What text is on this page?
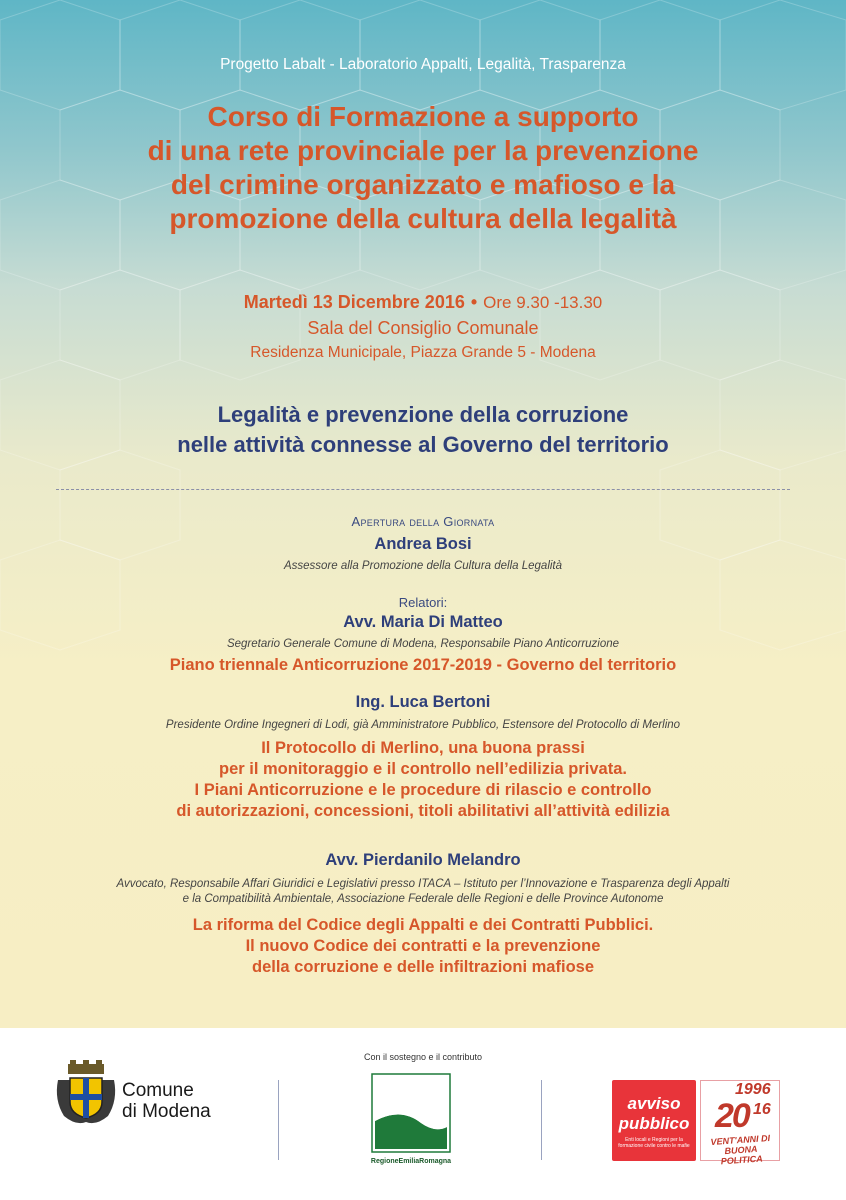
Progetto Labalt - Laboratorio Appalti, Legalità, Trasparenza
Corso di Formazione a supporto
di una rete provinciale per la prevenzione
del crimine organizzato e mafioso e la
promozione della cultura della legalità
Martedì 13 Dicembre 2016 • Ore 9.30 -13.30
Sala del Consiglio Comunale
Residenza Municipale, Piazza Grande 5 - Modena
Legalità e prevenzione della corruzione
nelle attività connesse al Governo del territorio
Apertura della Giornata
Andrea Bosi
Assessore alla Promozione della Cultura della Legalità
Relatori:
Avv. Maria Di Matteo
Segretario Generale Comune di Modena, Responsabile Piano Anticorruzione
Piano triennale Anticorruzione 2017-2019 - Governo del territorio
Ing. Luca Bertoni
Presidente Ordine Ingegneri di Lodi, già Amministratore Pubblico, Estensore del Protocollo di Merlino
Il Protocollo di Merlino, una buona prassi
per il monitoraggio e il controllo nell’edilizia privata.
I Piani Anticorruzione e le procedure di rilascio e controllo
di autorizzazioni, concessioni, titoli abilitativi all’attività edilizia
Avv. Pierdanilo Melandro
Avvocato, Responsabile Affari Giuridici e Legislativi presso ITACA – Istituto per l’Innovazione e Trasparenza degli Appalti
e la Compatibilità Ambientale, Associazione Federale delle Regioni e delle Province Autonome
La riforma del Codice degli Appalti e dei Contratti Pubblici.
Il nuovo Codice dei contratti e la prevenzione
della corruzione e delle infiltrazioni mafiose
Comune
di Modena
Con il sostegno e il contributo
RegioneEmiliaRomagna
avviso
pubblico
Enti locali e Regioni per la formazione civile contro le mafie
1996
20 16
VENT'ANNI DI
BUONA POLITICA
